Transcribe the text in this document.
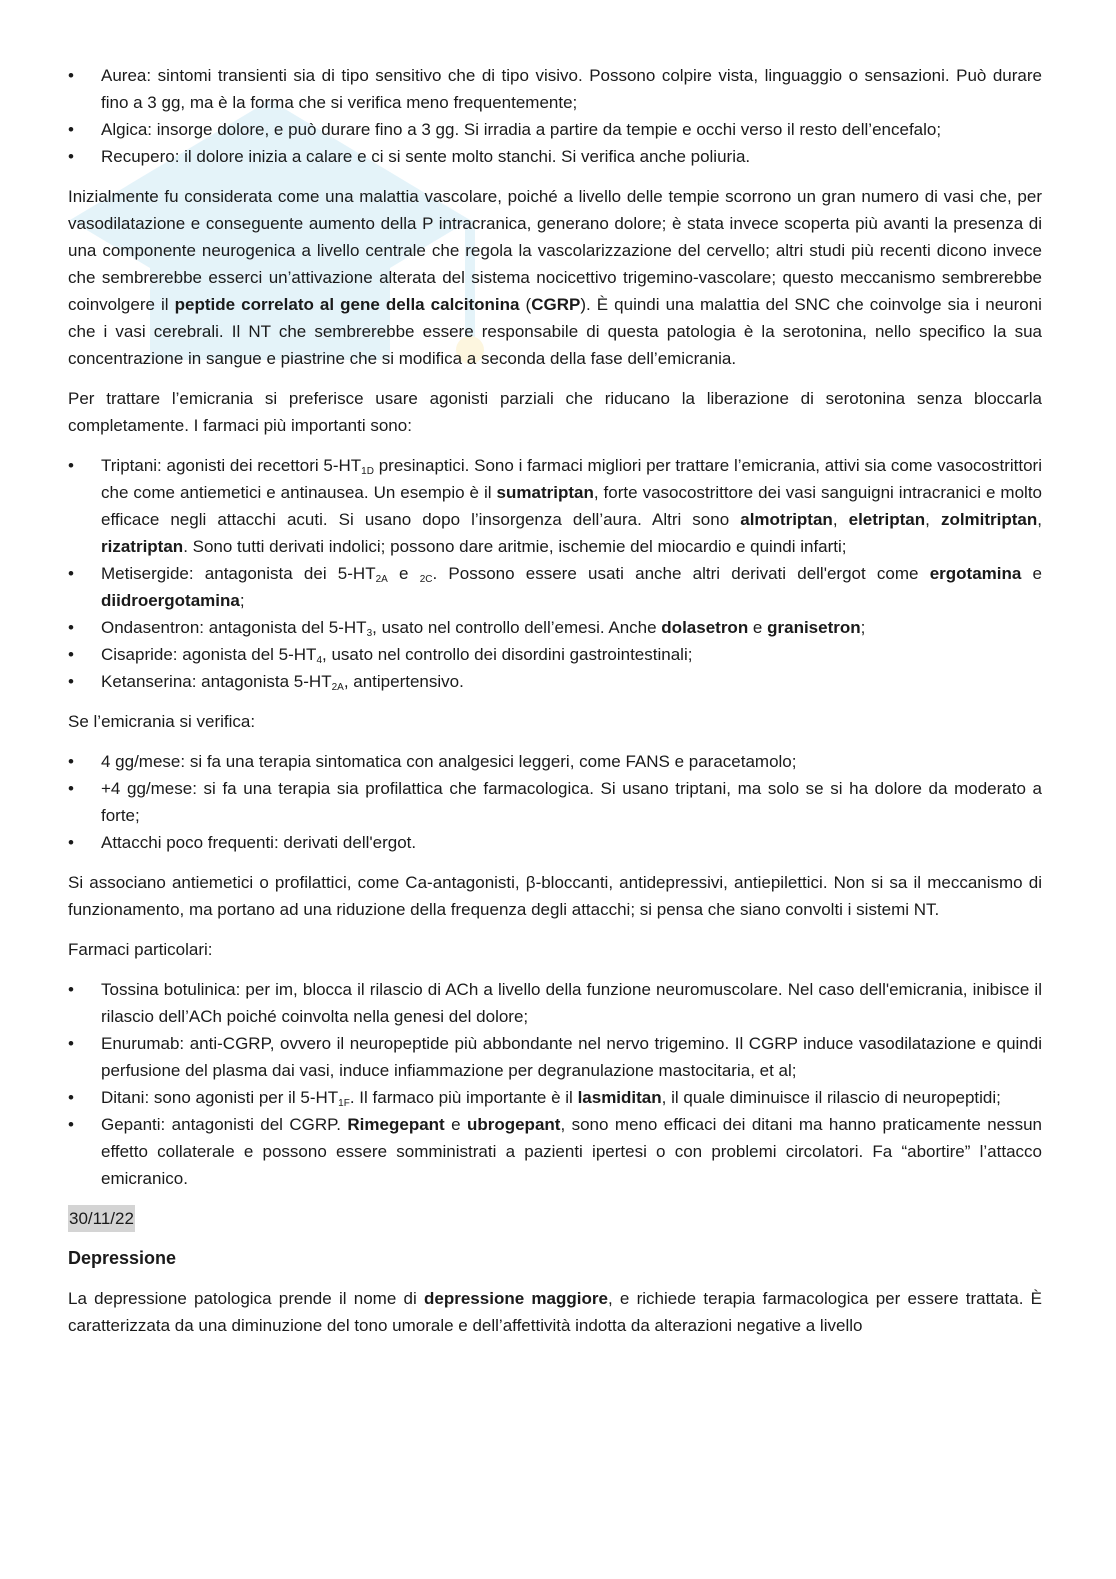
• Aurea: sintomi transienti sia di tipo sensitivo che di tipo visivo. Possono colpire vista, linguaggio o sensazioni. Può durare fino a 3 gg, ma è la forma che si verifica meno frequentemente;
• Algica: insorge dolore, e può durare fino a 3 gg. Si irradia a partire da tempie e occhi verso il resto dell’encefalo;
• Recupero: il dolore inizia a calare e ci si sente molto stanchi. Si verifica anche poliuria.

Inizialmente fu considerata come una malattia vascolare, poiché a livello delle tempie scorrono un gran numero di vasi che, per vasodilatazione e conseguente aumento della P intracranica, generano dolore; è stata invece scoperta più avanti la presenza di una componente neurogenica a livello centrale che regola la vascolarizzazione del cervello; altri studi più recenti dicono invece che sembrerebbe esserci un’attivazione alterata del sistema nocicettivo trigemino-vascolare; questo meccanismo sembrerebbe coinvolgere il peptide correlato al gene della calcitonina (CGRP). È quindi una malattia del SNC che coinvolge sia i neuroni che i vasi cerebrali. Il NT che sembrerebbe essere responsabile di questa patologia è la serotonina, nello specifico la sua concentrazione in sangue e piastrine che si modifica a seconda della fase dell’emicrania.

Per trattare l’emicrania si preferisce usare agonisti parziali che riducano la liberazione di serotonina senza bloccarla completamente. I farmaci più importanti sono:

• Triptani: agonisti dei recettori $5-HT_{1D}$ presinaptici. Sono i farmaci migliori per trattare l’emicrania, attivi sia come vasocostrittori che come antiemetici e antinausea. Un esempio è il sumatriptan, forte vasocostrittore dei vasi sanguigni intracranici e molto efficace negli attacchi acuti. Si usano dopo l’insorgenza dell’aura. Altri sono almotriptan, eletriptan, zolmitriptan, rizatriptan. Sono tutti derivati indolici; possono dare aritmie, ischemie del miocardio e quindi infarti;
• Metisergide: antagonista dei $5-HT_{2A}$ e $_{2C}$. Possono essere usati anche altri derivati dell'ergot come ergotamina e diidroergotamina;
• Ondasentron: antagonista del $5-HT_3$, usato nel controllo dell’emesi. Anche dolasetron e granisetron;
• Cisapride: agonista del $5-HT_4$, usato nel controllo dei disordini gastrointestinali;
• Ketanserina: antagonista $5-HT_{2A}$, antipertensivo.

Se l’emicrania si verifica:

• 4 gg/mese: si fa una terapia sintomatica con analgesici leggeri, come FANS e paracetamolo;
• +4 gg/mese: si fa una terapia sia profilattica che farmacologica. Si usano triptani, ma solo se si ha dolore da moderato a forte;
• Attacchi poco frequenti: derivati dell'ergot.

Si associano antiemetici o profilattici, come Ca-antagonisti, β-bloccanti, antidepressivi, antiepilettici. Non si sa il meccanismo di funzionamento, ma portano ad una riduzione della frequenza degli attacchi; si pensa che siano convolti i sistemi NT.

Farmaci particolari:

• Tossina botulinica: per im, blocca il rilascio di ACh a livello della funzione neuromuscolare. Nel caso dell'emicrania, inibisce il rilascio dell’ACh poiché coinvolta nella genesi del dolore;
• Enurumab: anti-CGRP, ovvero il neuropeptide più abbondante nel nervo trigemino. Il CGRP induce vasodilatazione e quindi perfusione del plasma dai vasi, induce infiammazione per degranulazione mastocitaria, et al;
• Ditani: sono agonisti per il $5-HT_{1F}$. Il farmaco più importante è il lasmiditan, il quale diminuisce il rilascio di neuropeptidi;
• Gepanti: antagonisti del CGRP. Rimegepant e ubrogepant, sono meno efficaci dei ditani ma hanno praticamente nessun effetto collaterale e possono essere somministrati a pazienti ipertesi o con problemi circolatori. Fa “abortire” l’attacco emicranico.

30/11/22

Depressione

La depressione patologica prende il nome di depressione maggiore, e richiede terapia farmacologica per essere trattata. È caratterizzata da una diminuzione del tono umorale e dell’affettività indotta da alterazioni negative a livello
